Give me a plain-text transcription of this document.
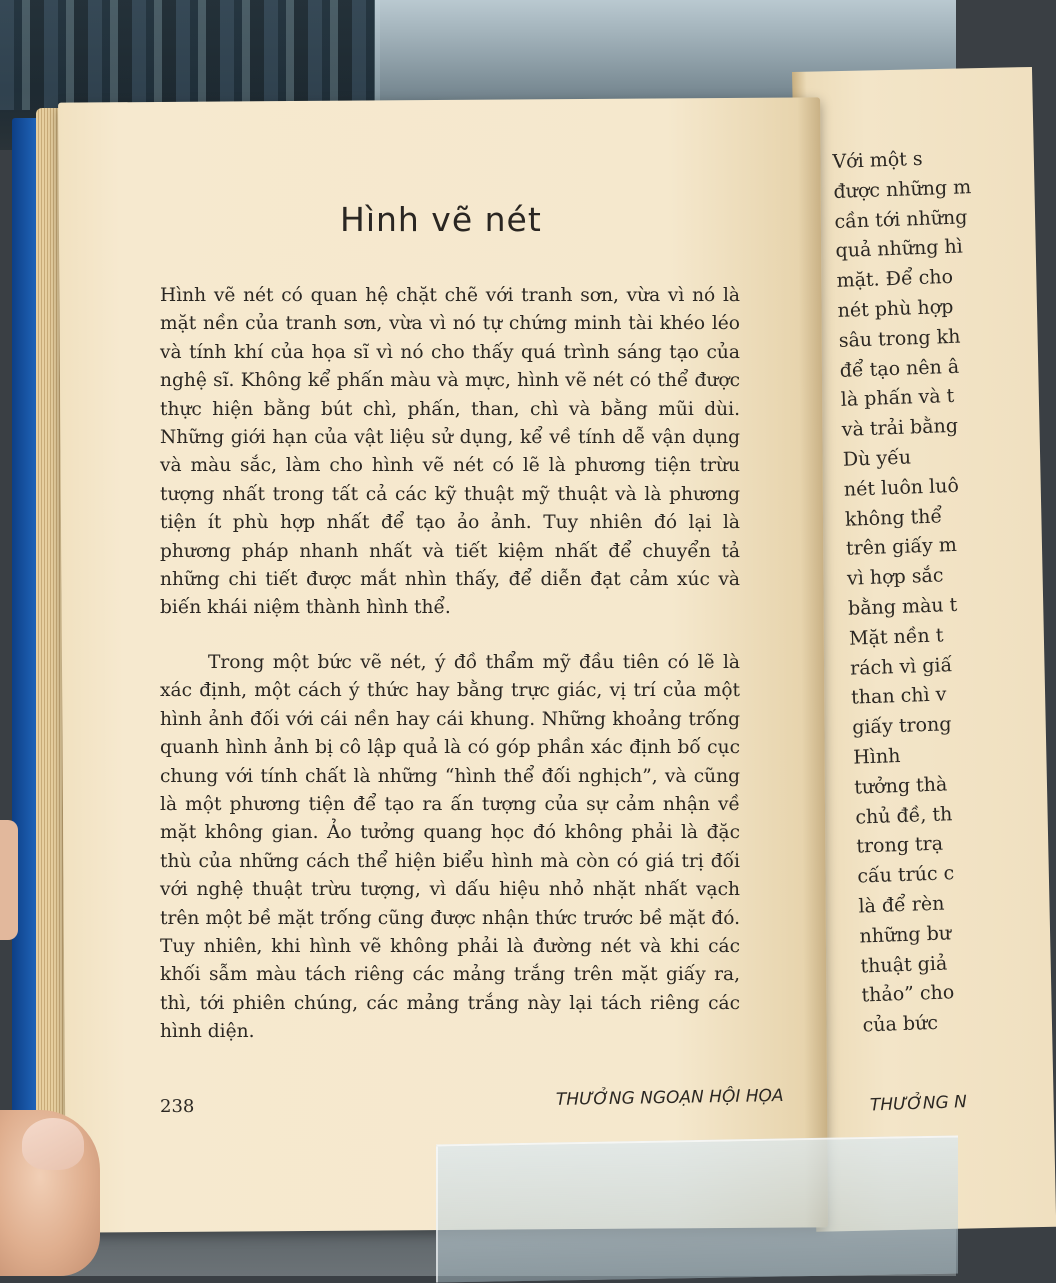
Hình vẽ nét

Hình vẽ nét có quan hệ chặt chẽ với tranh sơn, vừa vì nó là mặt nền của tranh sơn, vừa vì nó tự chứng minh tài khéo léo và tính khí của họa sĩ vì nó cho thấy quá trình sáng tạo của nghệ sĩ. Không kể phấn màu và mực, hình vẽ nét có thể được thực hiện bằng bút chì, phấn, than, chì và bằng mũi dùi. Những giới hạn của vật liệu sử dụng, kể về tính dễ vận dụng và màu sắc, làm cho hình vẽ nét có lẽ là phương tiện trừu tượng nhất trong tất cả các kỹ thuật mỹ thuật và là phương tiện ít phù hợp nhất để tạo ảo ảnh. Tuy nhiên đó lại là phương pháp nhanh nhất và tiết kiệm nhất để chuyển tả những chi tiết được mắt nhìn thấy, để diễn đạt cảm xúc và biến khái niệm thành hình thể.

Trong một bức vẽ nét, ý đồ thẩm mỹ đầu tiên có lẽ là xác định, một cách ý thức hay bằng trực giác, vị trí của một hình ảnh đối với cái nền hay cái khung. Những khoảng trống quanh hình ảnh bị cô lập quả là có góp phần xác định bố cục chung với tính chất là những “hình thể đối nghịch”, và cũng là một phương tiện để tạo ra ấn tượng của sự cảm nhận về mặt không gian. Ảo tưởng quang học đó không phải là đặc thù của những cách thể hiện biểu hình mà còn có giá trị đối với nghệ thuật trừu tượng, vì dấu hiệu nhỏ nhặt nhất vạch trên một bề mặt trống cũng được nhận thức trước bề mặt đó. Tuy nhiên, khi hình vẽ không phải là đường nét và khi các khối sẫm màu tách riêng các mảng trắng trên mặt giấy ra, thì, tới phiên chúng, các mảng trắng này lại tách riêng các hình diện.

238	THƯỞNG NGOẠN HỘI HỌA
Với một s
được những m
cần tới những
quả những hì
mặt. Để cho
nét phù hợp
sâu trong kh
để tạo nên â
là phấn và t
và trải bằng
Dù yếu
nét luôn luô
không thể
trên giấy m
vì hợp sắc
bằng màu t
Mặt nền t
rách vì giấ
than chì v
giấy trong
Hình
tưởng thà
chủ đề, th
trong trạ
cấu trúc c
là để rèn
những bư
thuật giả
thảo” cho
của bức
THƯỞNG N
